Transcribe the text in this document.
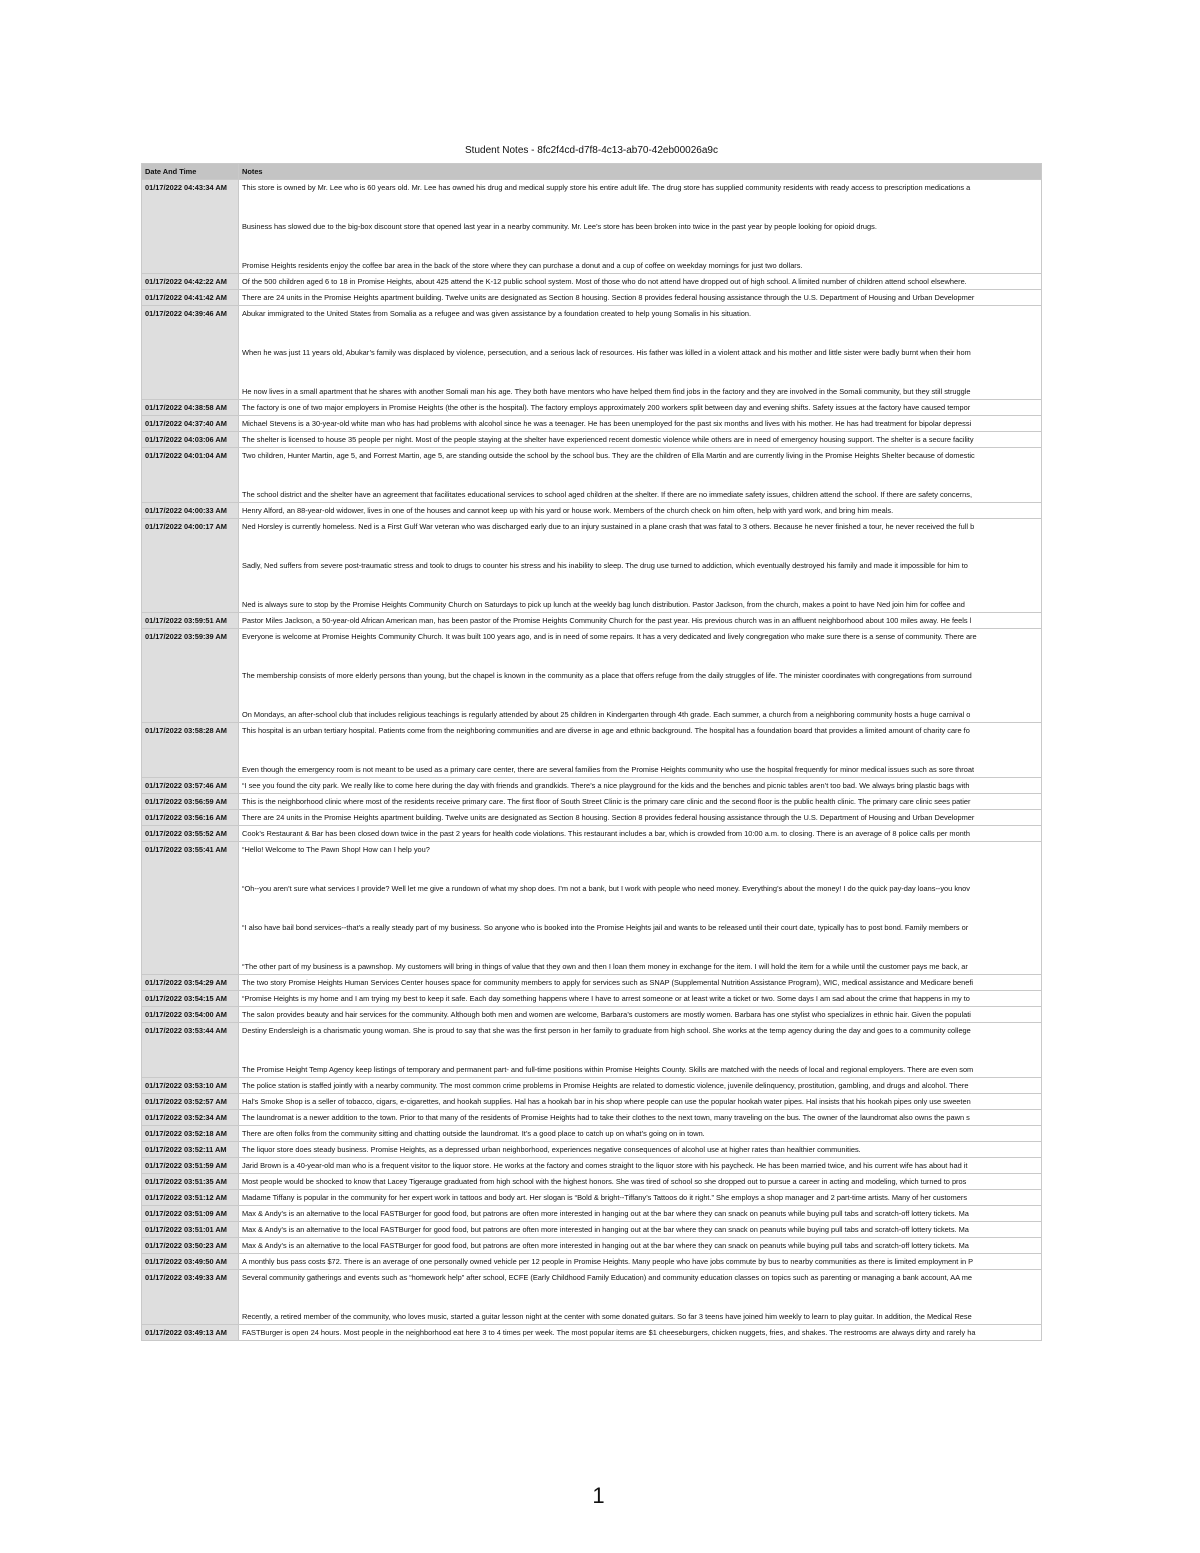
Student Notes - 8fc2f4cd-d7f8-4c13-ab70-42eb00026a9c
Date And Time	Notes
01/17/2022 04:43:34 AM	This store is owned by Mr. Lee who is 60 years old. Mr. Lee has owned his drug and medical supply store his entire adult life. The drug store has supplied community residents with ready access to prescription medications a
Business has slowed due to the big-box discount store that opened last year in a nearby community. Mr. Lee’s store has been broken into twice in the past year by people looking for opioid drugs.
Promise Heights residents enjoy the coffee bar area in the back of the store where they can purchase a donut and a cup of coffee on weekday mornings for just two dollars.

01/17/2022 04:42:22 AM	Of the 500 children aged 6 to 18 in Promise Heights, about 425 attend the K-12 public school system. Most of those who do not attend have dropped out of high school. A limited number of children attend school elsewhere.

01/17/2022 04:41:42 AM	There are 24 units in the Promise Heights apartment building. Twelve units are designated as Section 8 housing. Section 8 provides federal housing assistance through the U.S. Department of Housing and Urban Developmer

01/17/2022 04:39:46 AM	Abukar immigrated to the United States from Somalia as a refugee and was given assistance by a foundation created to help young Somalis in his situation.
When he was just 11 years old, Abukar’s family was displaced by violence, persecution, and a serious lack of resources. His father was killed in a violent attack and his mother and little sister were badly burnt when their hom
He now lives in a small apartment that he shares with another Somali man his age. They both have mentors who have helped them find jobs in the factory and they are involved in the Somali community, but they still struggle

01/17/2022 04:38:58 AM	The factory is one of two major employers in Promise Heights (the other is the hospital). The factory employs approximately 200 workers split between day and evening shifts. Safety issues at the factory have caused tempor

01/17/2022 04:37:40 AM	Michael Stevens is a 30-year-old white man who has had problems with alcohol since he was a teenager. He has been unemployed for the past six months and lives with his mother. He has had treatment for bipolar depressi

01/17/2022 04:03:06 AM	The shelter is licensed to house 35 people per night. Most of the people staying at the shelter have experienced recent domestic violence while others are in need of emergency housing support. The shelter is a secure facility

01/17/2022 04:01:04 AM	Two children, Hunter Martin, age 5, and Forrest Martin, age 5, are standing outside the school by the school bus. They are the children of Ella Martin and are currently living in the Promise Heights Shelter because of domestic
The school district and the shelter have an agreement that facilitates educational services to school aged children at the shelter. If there are no immediate safety issues, children attend the school. If there are safety concerns,

01/17/2022 04:00:33 AM	Henry Alford, an 88-year-old widower, lives in one of the houses and cannot keep up with his yard or house work. Members of the church check on him often, help with yard work, and bring him meals.

01/17/2022 04:00:17 AM	Ned Horsley is currently homeless. Ned is a First Gulf War veteran who was discharged early due to an injury sustained in a plane crash that was fatal to 3 others. Because he never finished a tour, he never received the full b
Sadly, Ned suffers from severe post-traumatic stress and took to drugs to counter his stress and his inability to sleep. The drug use turned to addiction, which eventually destroyed his family and made it impossible for him to
Ned is always sure to stop by the Promise Heights Community Church on Saturdays to pick up lunch at the weekly bag lunch distribution. Pastor Jackson, from the church, makes a point to have Ned join him for coffee and

01/17/2022 03:59:51 AM	Pastor Miles Jackson, a 50-year-old African American man, has been pastor of the Promise Heights Community Church for the past year. His previous church was in an affluent neighborhood about 100 miles away. He feels l

01/17/2022 03:59:39 AM	Everyone is welcome at Promise Heights Community Church. It was built 100 years ago, and is in need of some repairs. It has a very dedicated and lively congregation who make sure there is a sense of community. There are
The membership consists of more elderly persons than young, but the chapel is known in the community as a place that offers refuge from the daily struggles of life. The minister coordinates with congregations from surround
On Mondays, an after-school club that includes religious teachings is regularly attended by about 25 children in Kindergarten through 4th grade. Each summer, a church from a neighboring community hosts a huge carnival o

01/17/2022 03:58:28 AM	This hospital is an urban tertiary hospital. Patients come from the neighboring communities and are diverse in age and ethnic background. The hospital has a foundation board that provides a limited amount of charity care fo
Even though the emergency room is not meant to be used as a primary care center, there are several families from the Promise Heights community who use the hospital frequently for minor medical issues such as sore throat

01/17/2022 03:57:46 AM	“I see you found the city park. We really like to come here during the day with friends and grandkids. There’s a nice playground for the kids and the benches and picnic tables aren’t too bad. We always bring plastic bags with

01/17/2022 03:56:59 AM	This is the neighborhood clinic where most of the residents receive primary care. The first floor of South Street Clinic is the primary care clinic and the second floor is the public health clinic. The primary care clinic sees patier

01/17/2022 03:56:16 AM	There are 24 units in the Promise Heights apartment building. Twelve units are designated as Section 8 housing. Section 8 provides federal housing assistance through the U.S. Department of Housing and Urban Developmer

01/17/2022 03:55:52 AM	Cook’s Restaurant & Bar has been closed down twice in the past 2 years for health code violations. This restaurant includes a bar, which is crowded from 10:00 a.m. to closing. There is an average of 8 police calls per month

01/17/2022 03:55:41 AM	“Hello! Welcome to The Pawn Shop! How can I help you?
“Oh--you aren’t sure what services I provide? Well let me give a rundown of what my shop does. I’m not a bank, but I work with people who need money. Everything’s about the money! I do the quick pay-day loans--you knov
“I also have bail bond services--that’s a really steady part of my business. So anyone who is booked into the Promise Heights jail and wants to be released until their court date, typically has to post bond. Family members or
“The other part of my business is a pawnshop. My customers will bring in things of value that they own and then I loan them money in exchange for the item. I will hold the item for a while until the customer pays me back, ar

01/17/2022 03:54:29 AM	The two story Promise Heights Human Services Center houses space for community members to apply for services such as SNAP (Supplemental Nutrition Assistance Program), WIC, medical assistance and Medicare benefi

01/17/2022 03:54:15 AM	“Promise Heights is my home and I am trying my best to keep it safe. Each day something happens where I have to arrest someone or at least write a ticket or two. Some days I am sad about the crime that happens in my to

01/17/2022 03:54:00 AM	The salon provides beauty and hair services for the community. Although both men and women are welcome, Barbara’s customers are mostly women. Barbara has one stylist who specializes in ethnic hair. Given the populati

01/17/2022 03:53:44 AM	Destiny Endersleigh is a charismatic young woman. She is proud to say that she was the first person in her family to graduate from high school. She works at the temp agency during the day and goes to a community college
The Promise Height Temp Agency keep listings of temporary and permanent part- and full-time positions within Promise Heights County. Skills are matched with the needs of local and regional employers. There are even som

01/17/2022 03:53:10 AM	The police station is staffed jointly with a nearby community. The most common crime problems in Promise Heights are related to domestic violence, juvenile delinquency, prostitution, gambling, and drugs and alcohol. There

01/17/2022 03:52:57 AM	Hal’s Smoke Shop is a seller of tobacco, cigars, e-cigarettes, and hookah supplies. Hal has a hookah bar in his shop where people can use the popular hookah water pipes. Hal insists that his hookah pipes only use sweeten

01/17/2022 03:52:34 AM	The laundromat is a newer addition to the town. Prior to that many of the residents of Promise Heights had to take their clothes to the next town, many traveling on the bus. The owner of the laundromat also owns the pawn s

01/17/2022 03:52:18 AM	There are often folks from the community sitting and chatting outside the laundromat. It’s a good place to catch up on what’s going on in town.

01/17/2022 03:52:11 AM	The liquor store does steady business. Promise Heights, as a depressed urban neighborhood, experiences negative consequences of alcohol use at higher rates than healthier communities.

01/17/2022 03:51:59 AM	Jarid Brown is a 40-year-old man who is a frequent visitor to the liquor store. He works at the factory and comes straight to the liquor store with his paycheck. He has been married twice, and his current wife has about had it

01/17/2022 03:51:35 AM	Most people would be shocked to know that Lacey Tigerauge graduated from high school with the highest honors. She was tired of school so she dropped out to pursue a career in acting and modeling, which turned to pros

01/17/2022 03:51:12 AM	Madame Tiffany is popular in the community for her expert work in tattoos and body art. Her slogan is “Bold & bright--Tiffany’s Tattoos do it right.” She employs a shop manager and 2 part-time artists. Many of her customers

01/17/2022 03:51:09 AM	Max & Andy’s is an alternative to the local FASTBurger for good food, but patrons are often more interested in hanging out at the bar where they can snack on peanuts while buying pull tabs and scratch-off lottery tickets. Ma

01/17/2022 03:51:01 AM	Max & Andy’s is an alternative to the local FASTBurger for good food, but patrons are often more interested in hanging out at the bar where they can snack on peanuts while buying pull tabs and scratch-off lottery tickets. Ma

01/17/2022 03:50:23 AM	Max & Andy’s is an alternative to the local FASTBurger for good food, but patrons are often more interested in hanging out at the bar where they can snack on peanuts while buying pull tabs and scratch-off lottery tickets. Ma

01/17/2022 03:49:50 AM	A monthly bus pass costs $72. There is an average of one personally owned vehicle per 12 people in Promise Heights. Many people who have jobs commute by bus to nearby communities as there is limited employment in P

01/17/2022 03:49:33 AM	Several community gatherings and events such as “homework help” after school, ECFE (Early Childhood Family Education) and community education classes on topics such as parenting or managing a bank account, AA me
Recently, a retired member of the community, who loves music, started a guitar lesson night at the center with some donated guitars. So far 3 teens have joined him weekly to learn to play guitar. In addition, the Medical Rese

01/17/2022 03:49:13 AM	FASTBurger is open 24 hours. Most people in the neighborhood eat here 3 to 4 times per week. The most popular items are $1 cheeseburgers, chicken nuggets, fries, and shakes. The restrooms are always dirty and rarely ha
1
